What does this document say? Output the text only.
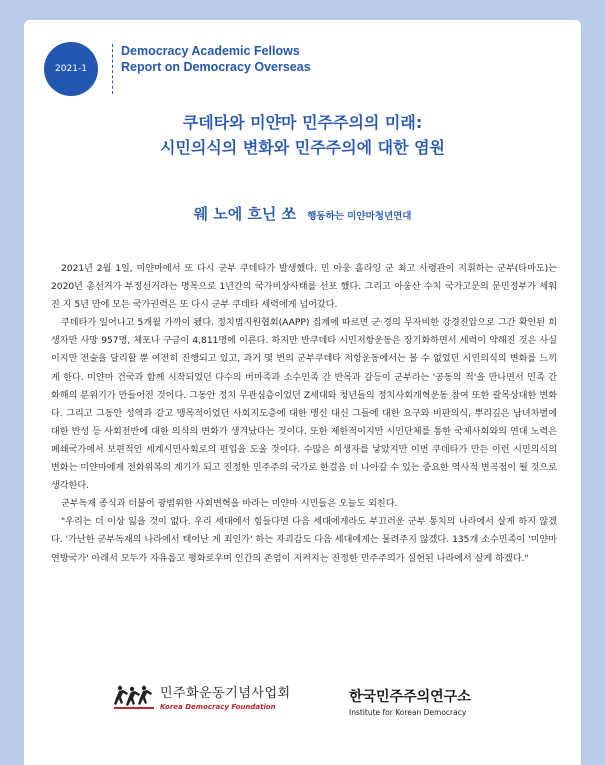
2021-1
Democracy Academic Fellows
Report on Democracy Overseas
쿠데타와 미얀마 민주주의의 미래:
시민의식의 변화와 민주주의에 대한 염원
웨 노에 흐닌 쏘 행동하는 미얀마청년연대

2021년 2월 1일, 미얀마에서 또 다시 군부 쿠데타가 발생했다. 민 아웅 흘라잉 군 최고 사령관이 지휘하는 군부(타마도)는 2020년 총선거가 부정선거라는 명목으로 1년간의 국가비상사태를 선포 했다. 그리고 아웅산 수치 국가고문의 문민정부가 세워진 지 5년 만에 모든 국가권력은 또 다시 군부 쿠데타 세력에게 넘어갔다.

쿠데타가 일어나고 5개월 가까이 됐다. 정치범지원협회(AAPP) 집계에 따르면 군·경의 무자비한 강경진압으로 그간 확인된 희생자만 사망 957명, 체포나 구금이 4,811명에 이른다. 하지만 반쿠데타 시민저항운동은 장기화하면서 세력이 약해진 것은 사실이지만 전술을 달리할 뿐 여전히 진행되고 있고, 과거 몇 번의 군부쿠데타 저항운동에서는 볼 수 없었던 시민의식의 변화를 느끼게 한다. 미얀마 건국과 함께 시작되었던 다수의 버마족과 소수민족 간 반목과 갈등이 군부라는 '공동의 적'을 만나면서 민족 간 화해의 분위기가 만들어진 것이다. 그동안 정치 무관심층이었던 Z세대와 청년들의 정치사회개혁운동 참여 또한 괄목상대한 변화다. 그리고 그동안 성역과 같고 맹목적이었던 사회지도층에 대한 맹신 대신 그들에 대한 요구와 비판의식, 뿌리깊은 남녀차별에 대한 반성 등 사회전반에 대한 의식의 변화가 생겨났다는 것이다. 또한 제한적이지만 시민단체를 통한 국제사회와의 연대 노력은 폐쇄국가에서 보편적인 세계시민사회로의 편입을 도울 것이다. 수많은 희생자를 낳았지만 이번 쿠데타가 만든 이런 시민의식의 변화는 미얀마에게 전화위복의 계기가 되고 진정한 민주주의 국가로 한걸음 더 나아갈 수 있는 중요한 역사적 변곡점이 될 것으로 생각한다.

군부독재 종식과 더불어 광범위한 사회변혁을 바라는 미얀마 시민들은 오늘도 외친다.

"우리는 더 이상 잃을 것이 없다. 우리 세대에서 힘들다면 다음 세대에게라도 부끄러운 군부 통치의 나라에서 살게 하지 않겠다. '가난한 군부독재의 나라에서 태어난 게 죄인가' 하는 자괴감도 다음 세대에게는 물려주지 않겠다. 135개 소수민족이 '미얀마 연방국가' 아래서 모두가 자유롭고 평화로우며 인간의 존엄이 지켜지는 진정한 민주주의가 실현된 나라에서 살게 하겠다."

민주화운동기념사업회
Korea Democracy Foundation
한국민주주의연구소
Institute for Korean Democracy
